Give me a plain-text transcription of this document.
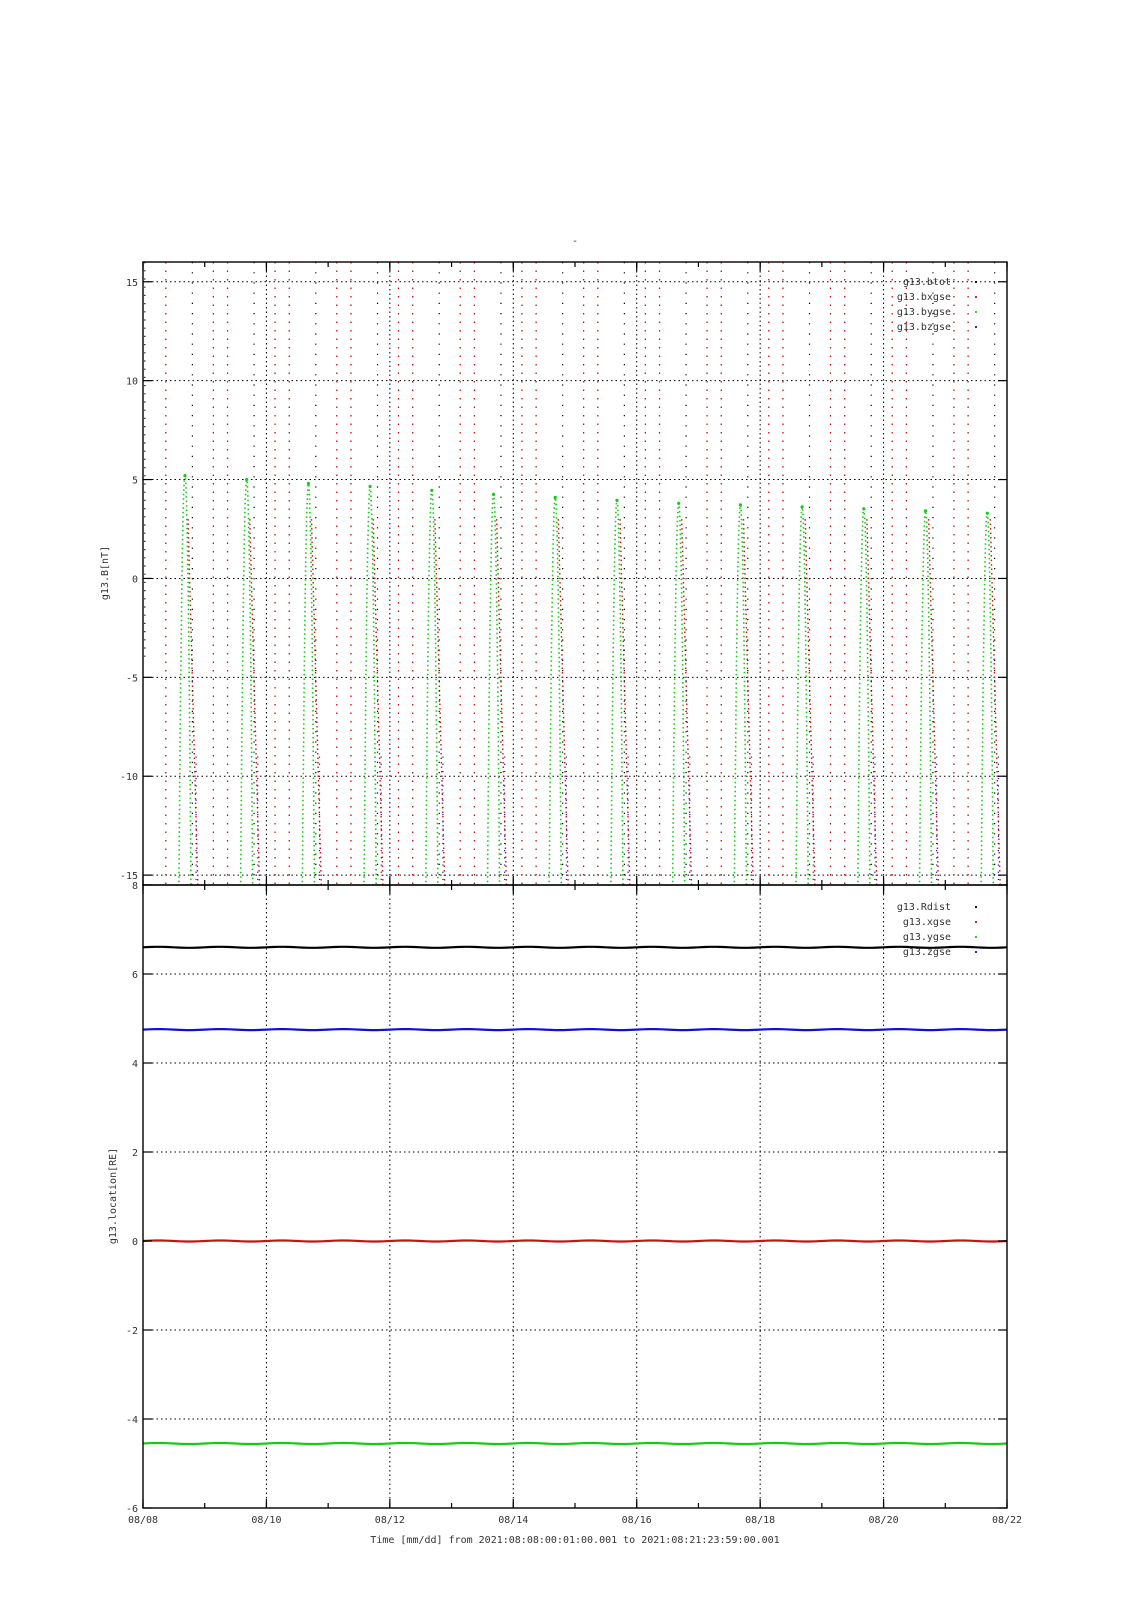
-
-15
-10
-5
0
5
10
15
g13.B[nT]
g13.btot
g13.bxgse
g13.bygse
g13.bzgse
-6
-4
-2
0
2
4
6
8
08/08	08/10	08/12	08/14	08/16	08/18	08/20	08/22
g13.location[RE]
g13.Rdist
g13.xgse
g13.ygse
g13.zgse
Time [mm/dd] from 2021:08:08:00:01:00.001 to 2021:08:21:23:59:00.001
